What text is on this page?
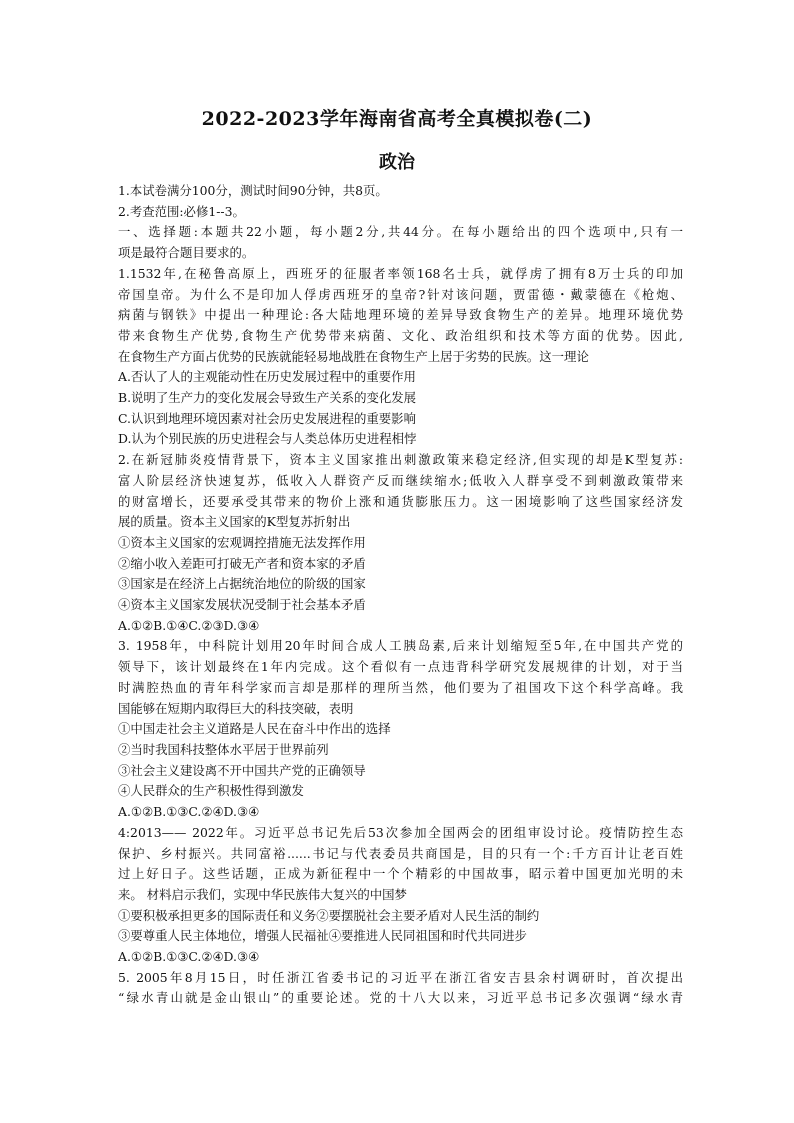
2022-2023学年海南省高考全真模拟卷(二)
政治

1.本试卷满分100分，测试时间90分钟，共8页。

2.考查范围:必修1--3。

一、选择题:本题共22小题，每小题2分,共44分。在每小题给出的四个选项中,只有一

项是最符合题目要求的。

1.1532年,在秘鲁高原上，西班牙的征服者率领168名士兵，就俘虏了拥有8万士兵的印加

帝国皇帝。为什么不是印加人俘虏西班牙的皇帝?针对该问题，贾雷德・戴蒙德在《枪炮、

病菌与钢铁》中提出一种理论:各大陆地理环境的差异导致食物生产的差异。地理环境优势

带来食物生产优势,食物生产优势带来病菌、文化、政治组织和技术等方面的优势。因此,

在食物生产方面占优势的民族就能轻易地战胜在食物生产上居于劣势的民族。这一理论

A.否认了人的主观能动性在历史发展过程中的重要作用

B.说明了生产力的变化发展会导致生产关系的变化发展

C.认识到地理环境因素对社会历史发展进程的重要影响

D.认为个别民族的历史进程会与人类总体历史进程相悖

2.在新冠肺炎疫情背景下，资本主义国家推出刺激政策来稳定经济,但实现的却是K型复苏:

富人阶层经济快速复苏，低收入人群资产反而继续缩水;低收入人群享受不到刺激政策带来

的财富增长，还要承受其带来的物价上涨和通货膨胀压力。这一困境影响了这些国家经济发

展的质量。资本主义国家的K型复苏折射出

①资本主义国家的宏观调控措施无法发挥作用

②缩小收入差距可打破无产者和资本家的矛盾

③国家是在经济上占据统治地位的阶级的国家

④资本主义国家发展状况受制于社会基本矛盾

A.①②B.①④C.②③D.③④

3. 1958年，中科院计划用20年时间合成人工胰岛素,后来计划缩短至5年,在中国共产党的

领导下，该计划最终在1年内完成。这个看似有一点违背科学研究发展规律的计划，对于当

时满腔热血的青年科学家而言却是那样的理所当然，他们要为了祖国攻下这个科学高峰。我

国能够在短期内取得巨大的科技突破，表明

①中国走社会主义道路是人民在奋斗中作出的选择

②当时我国科技整体水平居于世界前列

③社会主义建设离不开中国共产党的正确领导

④人民群众的生产积极性得到激发

A.①②B.①③C.②④D.③④

4:2013—— 2022年。习近平总书记先后53次参加全国两会的团组审设讨论。疫情防控生态

保护、乡村振兴。共同富裕......书记与代表委员共商国是，目的只有一个:千方百计让老百姓

过上好日子。这些话题，正成为新征程中一个个精彩的中国故事，昭示着中国更加光明的未

来。 材料启示我们，实现中华民族伟大复兴的中国梦

①要积极承担更多的国际责任和义务②要摆脱社会主要矛盾对人民生活的制约

③要尊重人民主体地位，增强人民福祉④要推进人民同祖国和时代共同进步

A.①②B.①③C.②④D.③④

5. 2005年8月15日，时任浙江省委书记的习近平在浙江省安吉县余村调研时，首次提出

“绿水青山就是金山银山”的重要论述。党的十八大以来，习近平总书记多次强调“绿水青
